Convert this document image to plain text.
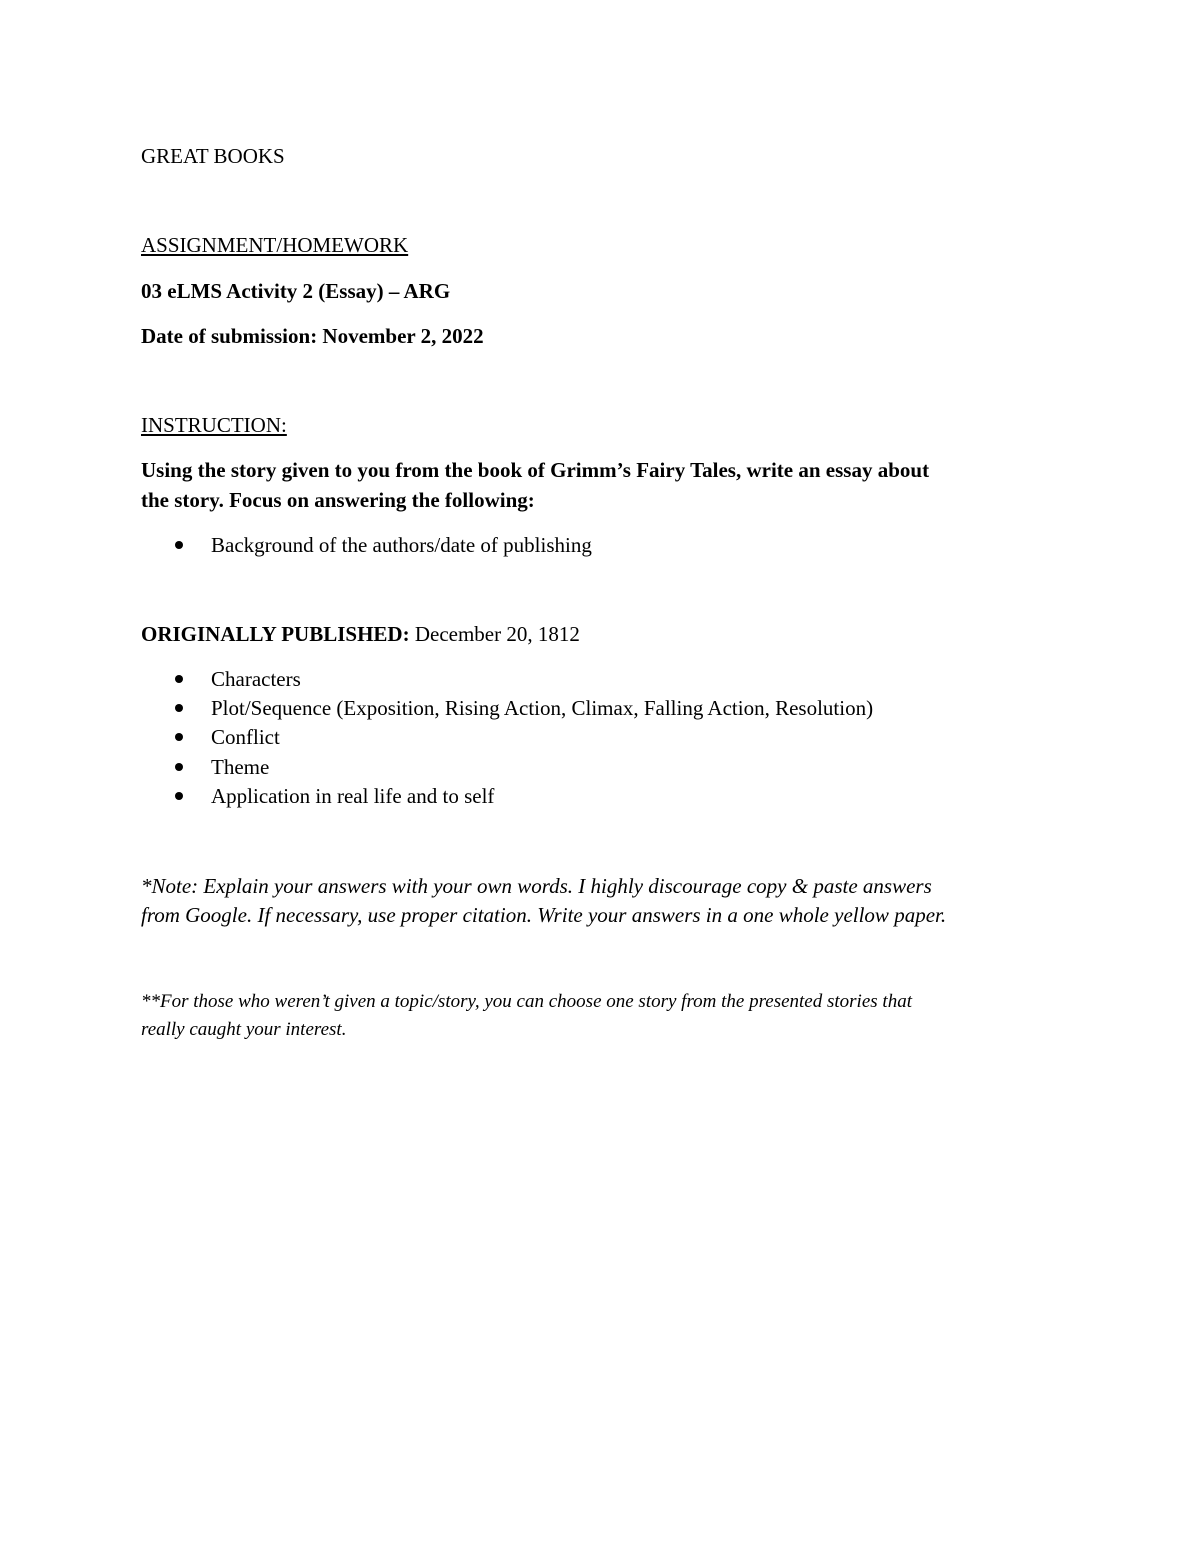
GREAT BOOKS
ASSIGNMENT/HOMEWORK
03 eLMS Activity 2 (Essay) – ARG
Date of submission: November 2, 2022
INSTRUCTION:
Using the story given to you from the book of Grimm’s Fairy Tales, write an essay about
the story. Focus on answering the following:
Background of the authors/date of publishing
ORIGINALLY PUBLISHED: December 20, 1812
Characters
Plot/Sequence (Exposition, Rising Action, Climax, Falling Action, Resolution)
Conflict
Theme
Application in real life and to self
*Note: Explain your answers with your own words. I highly discourage copy & paste answers
from Google. If necessary, use proper citation. Write your answers in a one whole yellow paper.
**For those who weren’t given a topic/story, you can choose one story from the presented stories that
really caught your interest.
